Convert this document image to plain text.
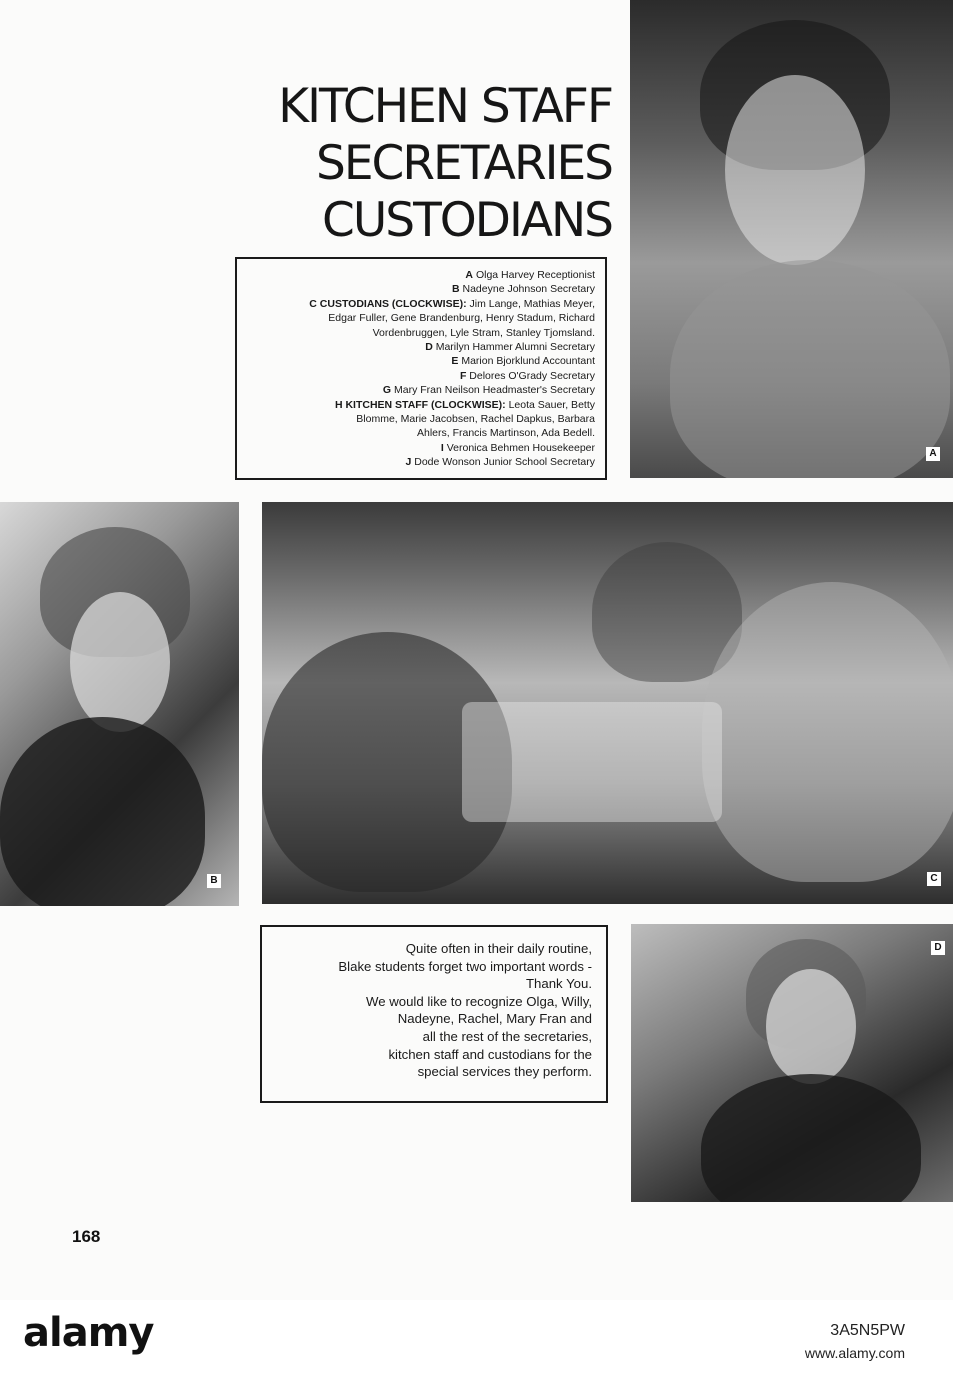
KITCHEN STAFF
SECRETARIES
CUSTODIANS
A Olga Harvey Receptionist
B Nadeyne Johnson Secretary
C CUSTODIANS (CLOCKWISE): Jim Lange, Mathias Meyer,
Edgar Fuller, Gene Brandenburg, Henry Stadum, Richard
Vordenbruggen, Lyle Stram, Stanley Tjomsland.
D Marilyn Hammer Alumni Secretary
E Marion Bjorklund Accountant
F Delores O'Grady Secretary
G Mary Fran Neilson Headmaster's Secretary
H KITCHEN STAFF (CLOCKWISE): Leota Sauer, Betty
Blomme, Marie Jacobsen, Rachel Dapkus, Barbara
Ahlers, Francis Martinson, Ada Bedell.
I Veronica Behmen Housekeeper
J Dode Wonson Junior School Secretary
A
B	C
Quite often in their daily routine,
Blake students forget two important words -
Thank You.
We would like to recognize Olga, Willy,
Nadeyne, Rachel, Mary Fran and
all the rest of the secretaries,
kitchen staff and custodians for the
special services they perform.
D
168
alamy	3A5N5PW
www.alamy.com
